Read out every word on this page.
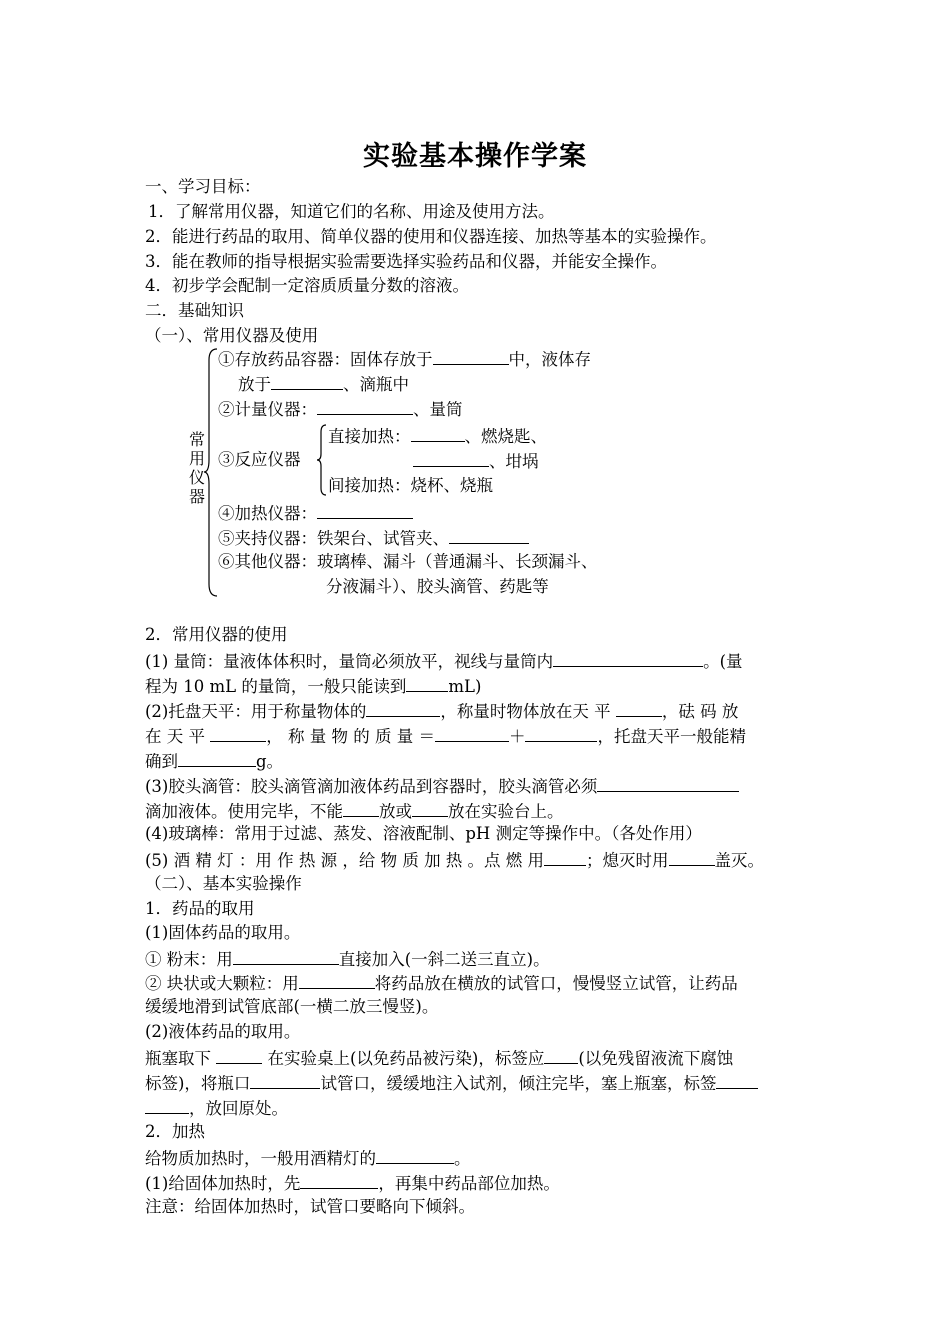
实验基本操作学案
一、学习目标：
1．了解常用仪器，知道它们的名称、用途及使用方法。
2．能进行药品的取用、简单仪器的使用和仪器连接、加热等基本的实验操作。
3．能在教师的指导根据实验需要选择实验药品和仪器，并能安全操作。
4．初步学会配制一定溶质质量分数的溶液。
二．基础知识
（一）、常用仪器及使用
常
用
仪
器
①存放药品容器：固体存放于	中，液体存
放于	、滴瓶中
②计量仪器：	、量筒
③反应仪器
直接加热：	、燃烧匙、
、坩埚
间接加热：烧杯、烧瓶
④加热仪器：
⑤夹持仪器：铁架台、试管夹、
⑥其他仪器：玻璃棒、漏斗（普通漏斗、长颈漏斗、
分液漏斗）、胶头滴管、药匙等
2．常用仪器的使用
(1) 量筒：量液体体积时，量筒必须放平，视线与量筒内	。(量
程为 10 mL 的量筒，一般只能读到	mL)
(2)托盘天平：用于称量物体的	，称量时物体放在天 平	，砝 码 放
在 天 平	， 称 量 物 的 质 量 ＝	＋	，托盘天平一般能精
确到	g。
(3)胶头滴管：胶头滴管滴加液体药品到容器时，胶头滴管必须
滴加液体。使用完毕，不能 放或 放在实验台上。
(4)玻璃棒：常用于过滤、蒸发、溶液配制、pH 测定等操作中。（各处作用）
(5) 酒 精 灯 ：用 作 热 源 ，给 物 质 加 热 。点 燃 用	；熄灭时用	盖灭。
（二）、基本实验操作
1．药品的取用
(1)固体药品的取用。
① 粉末：用	直接加入(一斜二送三直立)。
② 块状或大颗粒：用	将药品放在横放的试管口，慢慢竖立试管，让药品
缓缓地滑到试管底部(一横二放三慢竖)。
(2)液体药品的取用。
瓶塞取下	在实验桌上(以免药品被污染)，标签应 (以免残留液流下腐蚀
标签)，将瓶口	试管口，缓缓地注入试剂，倾注完毕，塞上瓶塞，标签
，放回原处。
2．加热
给物质加热时，一般用酒精灯的	。
(1)给固体加热时，先	，再集中药品部位加热。
注意：给固体加热时，试管口要略向下倾斜。
